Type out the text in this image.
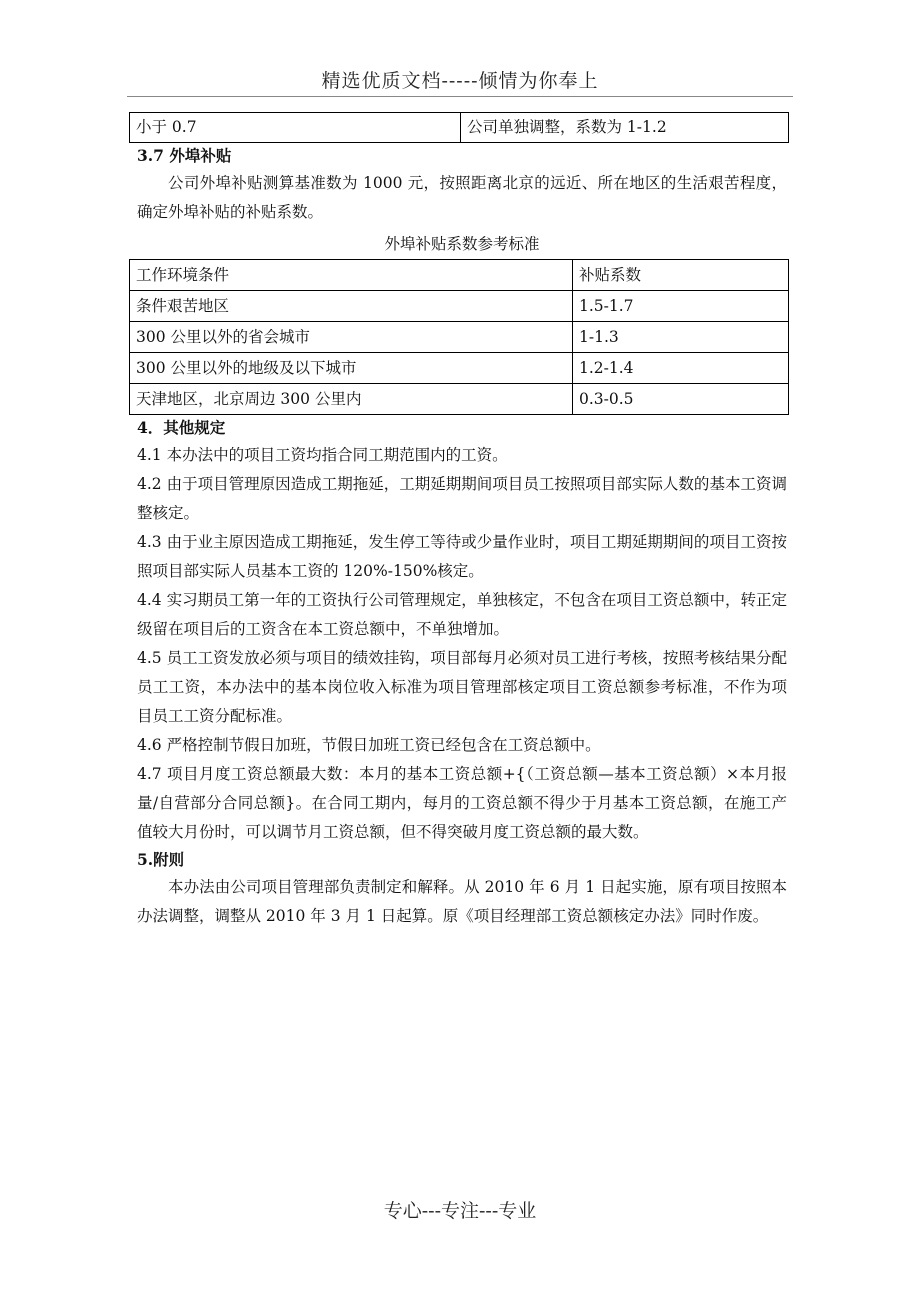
精选优质文档-----倾情为你奉上
小于 0.7	公司单独调整，系数为 1-1.2

3.7 外埠补贴

公司外埠补贴测算基准数为 1000 元，按照距离北京的远近、所在地区的生活艰苦程度，确定外埠补贴的补贴系数。

外埠补贴系数参考标准

工作环境条件	补贴系数
条件艰苦地区	1.5-1.7
300 公里以外的省会城市	1-1.3
300 公里以外的地级及以下城市	1.2-1.4
天津地区，北京周边 300 公里内	0.3-0.5

4．其他规定

4.1 本办法中的项目工资均指合同工期范围内的工资。

4.2 由于项目管理原因造成工期拖延，工期延期期间项目员工按照项目部实际人数的基本工资调整核定。

4.3 由于业主原因造成工期拖延，发生停工等待或少量作业时，项目工期延期期间的项目工资按照项目部实际人员基本工资的 120%-150%核定。

4.4 实习期员工第一年的工资执行公司管理规定，单独核定，不包含在项目工资总额中，转正定级留在项目后的工资含在本工资总额中，不单独增加。

4.5 员工工资发放必须与项目的绩效挂钩，项目部每月必须对员工进行考核，按照考核结果分配员工工资，本办法中的基本岗位收入标准为项目管理部核定项目工资总额参考标准，不作为项目员工工资分配标准。

4.6 严格控制节假日加班，节假日加班工资已经包含在工资总额中。

4.7 项目月度工资总额最大数：本月的基本工资总额+{（工资总额—基本工资总额）×本月报量/自营部分合同总额}。在合同工期内，每月的工资总额不得少于月基本工资总额，在施工产值较大月份时，可以调节月工资总额，但不得突破月度工资总额的最大数。

5.附则

本办法由公司项目管理部负责制定和解释。从 2010 年 6 月 1 日起实施，原有项目按照本办法调整，调整从 2010 年 3 月 1 日起算。原《项目经理部工资总额核定办法》同时作废。

专心---专注---专业
